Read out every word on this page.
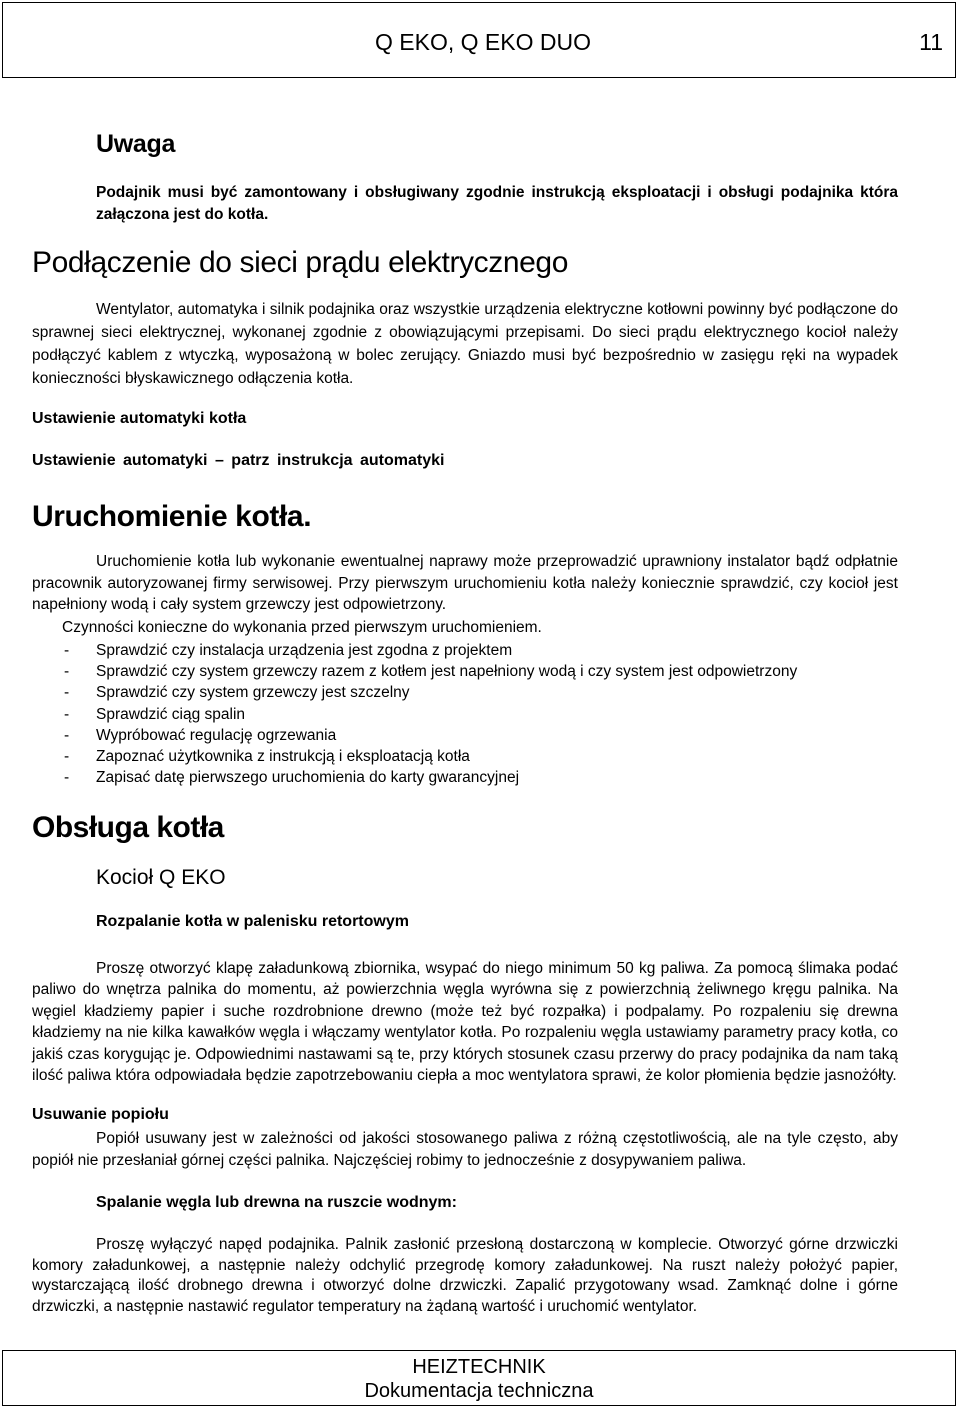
Q EKO, Q EKO DUO	11
Uwaga
Podajnik musi być zamontowany i obsługiwany zgodnie instrukcją eksploatacji i obsługi podajnika która załączona jest do kotła.
Podłączenie do sieci prądu elektrycznego
Wentylator, automatyka i silnik podajnika oraz wszystkie urządzenia elektryczne kotłowni powinny być podłączone do sprawnej sieci elektrycznej, wykonanej zgodnie z obowiązującymi przepisami. Do sieci prądu elektrycznego kocioł należy podłączyć kablem z wtyczką, wyposażoną w bolec zerujący. Gniazdo musi być bezpośrednio w zasięgu ręki na wypadek konieczności błyskawicznego odłączenia kotła.
Ustawienie automatyki kotła
Ustawienie automatyki – patrz instrukcja automatyki
Uruchomienie kotła.
Uruchomienie kotła lub wykonanie ewentualnej naprawy może przeprowadzić uprawniony instalator bądź odpłatnie pracownik autoryzowanej firmy serwisowej. Przy pierwszym uruchomieniu kotła należy koniecznie sprawdzić, czy kocioł jest napełniony wodą i cały system grzewczy jest odpowietrzony.
Czynności konieczne do wykonania przed pierwszym uruchomieniem.
- Sprawdzić czy instalacja urządzenia jest zgodna z projektem
- Sprawdzić czy system grzewczy razem z kotłem jest napełniony wodą i czy system jest odpowietrzony
- Sprawdzić czy system grzewczy jest szczelny
- Sprawdzić ciąg spalin
- Wypróbować regulację ogrzewania
- Zapoznać użytkownika z instrukcją i eksploatacją kotła
- Zapisać datę pierwszego uruchomienia do karty gwarancyjnej
Obsługa kotła
Kocioł Q EKO
Rozpalanie kotła w palenisku retortowym
Proszę otworzyć klapę załadunkową zbiornika, wsypać do niego minimum 50 kg paliwa. Za pomocą ślimaka podać paliwo do wnętrza palnika do momentu, aż powierzchnia węgla wyrówna się z powierzchnią żeliwnego kręgu palnika. Na węgiel kładziemy papier i suche rozdrobnione drewno (może też być rozpałka) i podpalamy. Po rozpaleniu się drewna kładziemy na nie kilka kawałków węgla i włączamy wentylator kotła. Po rozpaleniu węgla ustawiamy parametry pracy kotła, co jakiś czas korygując je. Odpowiednimi nastawami są te, przy których stosunek czasu przerwy do pracy podajnika da nam taką ilość paliwa która odpowiadała będzie zapotrzebowaniu ciepła a moc wentylatora sprawi, że kolor płomienia będzie jasnożółty.
Usuwanie popiołu
Popiół usuwany jest w zależności od jakości stosowanego paliwa z różną częstotliwością, ale na tyle często, aby popiół nie przesłaniał górnej części palnika. Najczęściej robimy to jednocześnie z dosypywaniem paliwa.
Spalanie węgla lub drewna na ruszcie wodnym:
Proszę wyłączyć napęd podajnika. Palnik zasłonić przesłoną dostarczoną w komplecie. Otworzyć górne drzwiczki komory załadunkowej, a następnie należy odchylić przegrodę komory załadunkowej. Na ruszt należy położyć papier, wystarczającą ilość drobnego drewna i otworzyć dolne drzwiczki. Zapalić przygotowany wsad. Zamknąć dolne i górne drzwiczki, a następnie nastawić regulator temperatury na żądaną wartość i uruchomić wentylator.
HEIZTECHNIK
Dokumentacja techniczna
